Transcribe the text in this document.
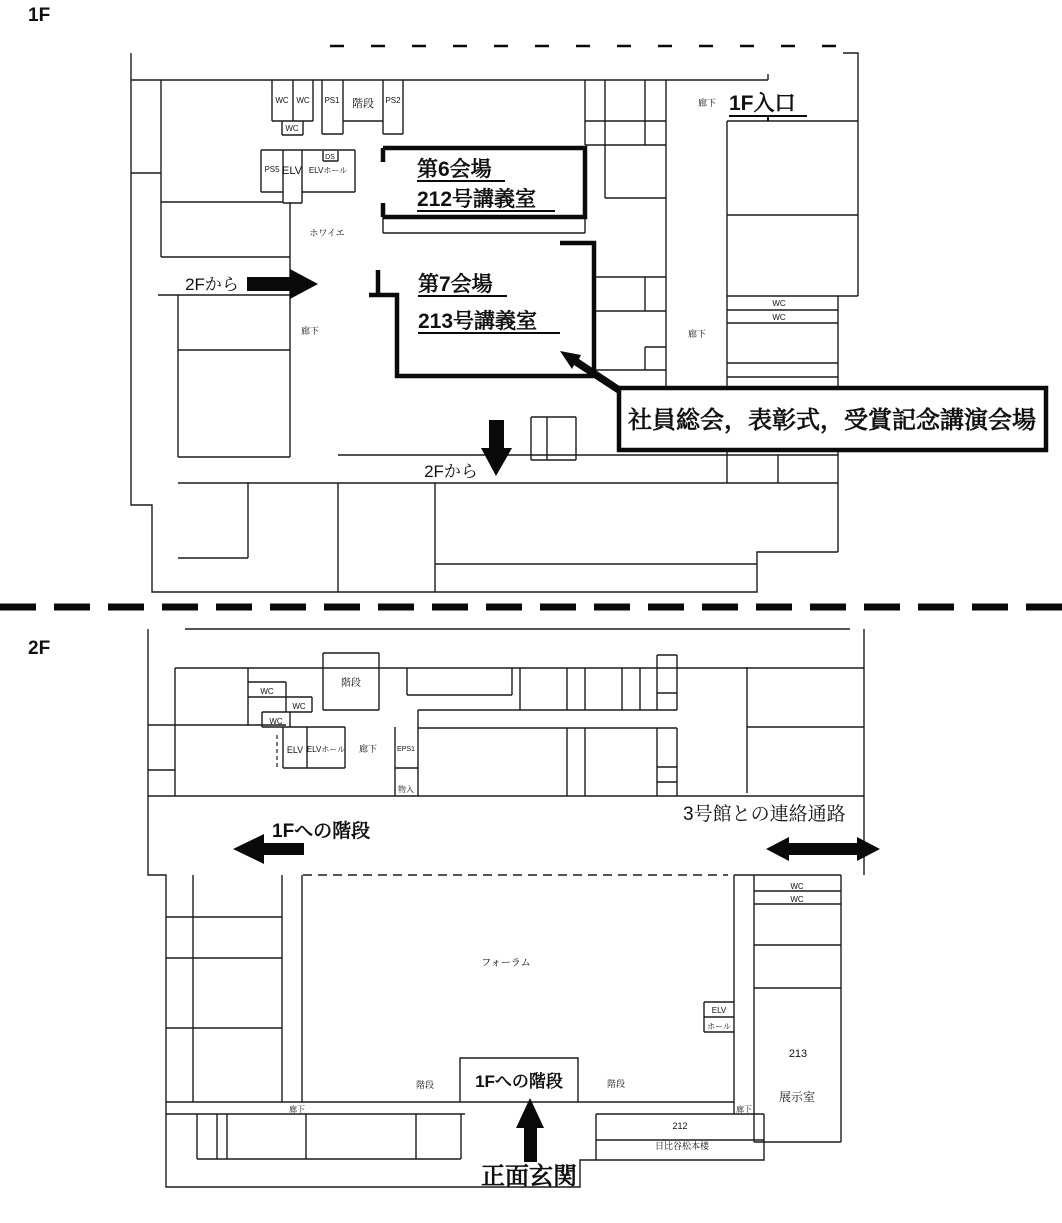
1F
WC WC PS1 階段 PS2
WC
DS
PS5 ELV ELVホール
ホワイエ
廊下	廊下
廊下
WC
WC
第6会場
212号講義室
第7会場
213号講義室
1F入口
2Fから
2Fから
社員総会，表彰式，受賞記念講演会場
2F
階段
WC
WC
WC
ELV ELVホール 廊下	EPS1
物入
1Fへの階段
3号館との連絡通路
WC
WC
ELV
ホール
213
展示室
廊下
フォーラム
階段 1Fへの階段	階段
廊下
212
日比谷松本楼
正面玄関
